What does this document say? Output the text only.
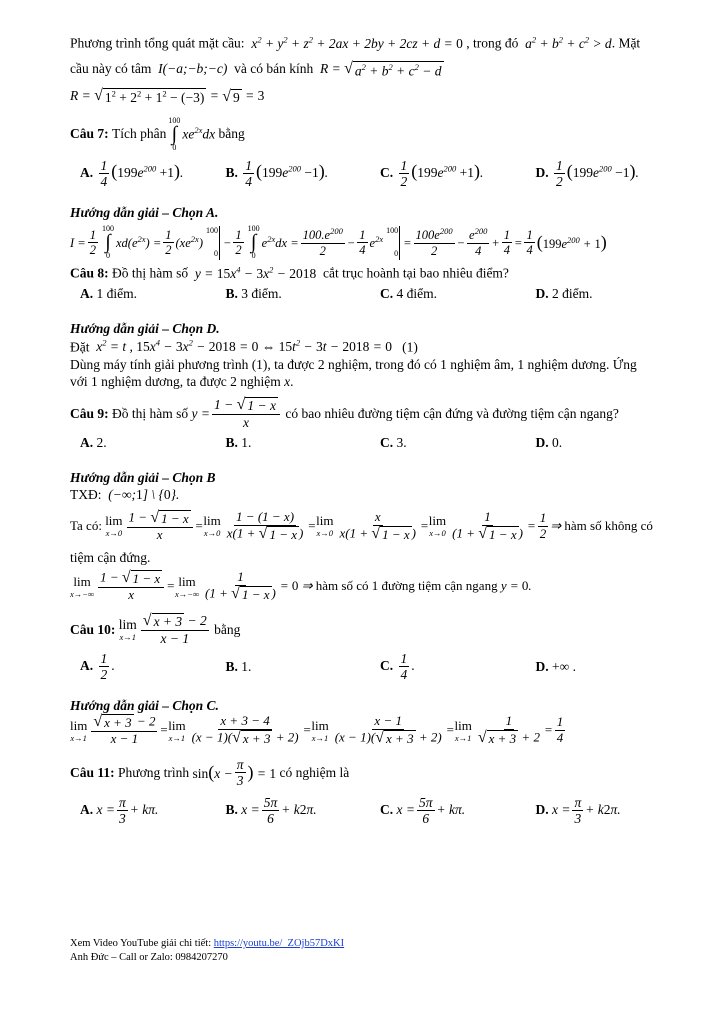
Phương trình tổng quát mặt cầu:  $x^2 + y^2 + z^2 + 2ax + 2by + 2cz + d = 0$ , trong đó  $a^2 + b^2 + c^2 > d$. Mặt
cầu này có tâm  I(−a;−b;−c)  và có bán kính  R = √ $a^2 + b^2 + c^2 - d$
R = √ $1^2 + 2^2 + 1^2 - (-3)$ = √ 9 = 3
Câu 7:
Tích phân
100
∫
0
$xe^{2x}dx$ bằng
A. $\frac{1}{4} (199e^{200} +1)$.	B. $\frac{1}{4} (199e^{200} -1)$.	C. $\frac{1}{2} (199e^{200} +1)$.	D. $\frac{1}{2} (199e^{200} -1)$.
Hướng dẫn giải – Chọn A.
$I = \frac{1}{2} 100$
∫
0
$xd(e^{2x}) = \frac{1}{2} (xe^{2x})$
100
0
− $\frac{1}{2} 100$
∫
0
$e^{2x}dx = \frac{100.e^{200}}{2} - \frac{1}{4} e^{2x}$
100
0
= $\frac{100e^{200}}{2} - \frac{e^{200}}{4} + \frac{1}{4} = \frac{1}{4} (199e^{200} + 1)$
Câu 8: Đồ thị hàm số  $y = 15x^4 - 3x^2 - 2018$ cắt trục hoành tại bao nhiêu điểm?
A. 1 điểm.	B. 3 điểm.	C. 4 điểm.	D. 2 điểm.
Hướng dẫn giải – Chọn D.
Đặt  $x^2 = t$ , $15x^4 - 3x^2 - 2018 = 0$ ⇔ $15t^2 - 3t - 2018 = 0$ (1)
Dùng máy tính giải phương trình (1), ta được 2 nghiệm, trong đó có 1 nghiệm âm, 1 nghiệm dương. Ứng
với 1 nghiệm dương, ta được 2 nghiệm x.
Câu 9:
Đồ thị hàm số $y = \frac{1 - √ 1 - x}{x}$
có bao nhiêu đường tiệm cận đứng và đường tiệm cận ngang?
A. 2.	B. 1.	C. 3.	D. 0.
Hướng dẫn giải – Chọn B
TXĐ:  (−∞;1] \ {0}.
Ta có:
lim
$x\to 0 \frac{1 - √ 1 - x}{x} = \lim$
$x\to 0 \frac{1 - (1 - x)}{x(1 + √ 1 - x )} = \lim$
$x\to 0 \frac{x}{x(1 + √ 1 - x )} = \lim$
$x\to 0 \frac{1}{(1 + √ 1 - x )} = \frac{1}{2}$ ⇒
hàm số không có
tiệm cận đứng.
lim
$x\to-\infty \frac{1 - √ 1 - x}{x} = \lim$
$x\to-\infty \frac{1}{(1 + √ 1 - x )} = 0$ ⇒
hàm số có 1 đường tiệm cận ngang y = 0.
Câu 10:
lim
$x\to 1 \frac{√ x + 3 - 2}{x - 1}$
bằng
A. $\frac{1}{2}$ .	B. 1.	C. $\frac{1}{4}$ .	D. +∞ .
Hướng dẫn giải – Chọn C.
lim
$x\to 1 \frac{√ x + 3 - 2}{x - 1} = \lim$
$x\to 1 \frac{x + 3 - 4}{(x - 1)( √ x + 3 + 2)} = \lim$
$x\to 1 \frac{x - 1}{(x - 1)( √ x + 3 + 2)} = \lim$
$x\to 1 \frac{1}{√ x + 3 + 2} = \frac{1}{4}$
Câu 11:
Phương trình $\sin(x - \frac{\pi}{3}$ ) = 1 có nghiệm là
A. $x = \frac{\pi}{3} + k\pi$.	B. $x = \frac{5\pi}{6} + k2\pi$.	C. $x = \frac{5\pi}{6} + k\pi$.	D. $x = \frac{\pi}{3} + k2\pi$.
Xem Video YouTube giải chi tiết: https://youtu.be/_ZOjb57DxKI
Anh Đức – Call or Zalo: 0984207270
